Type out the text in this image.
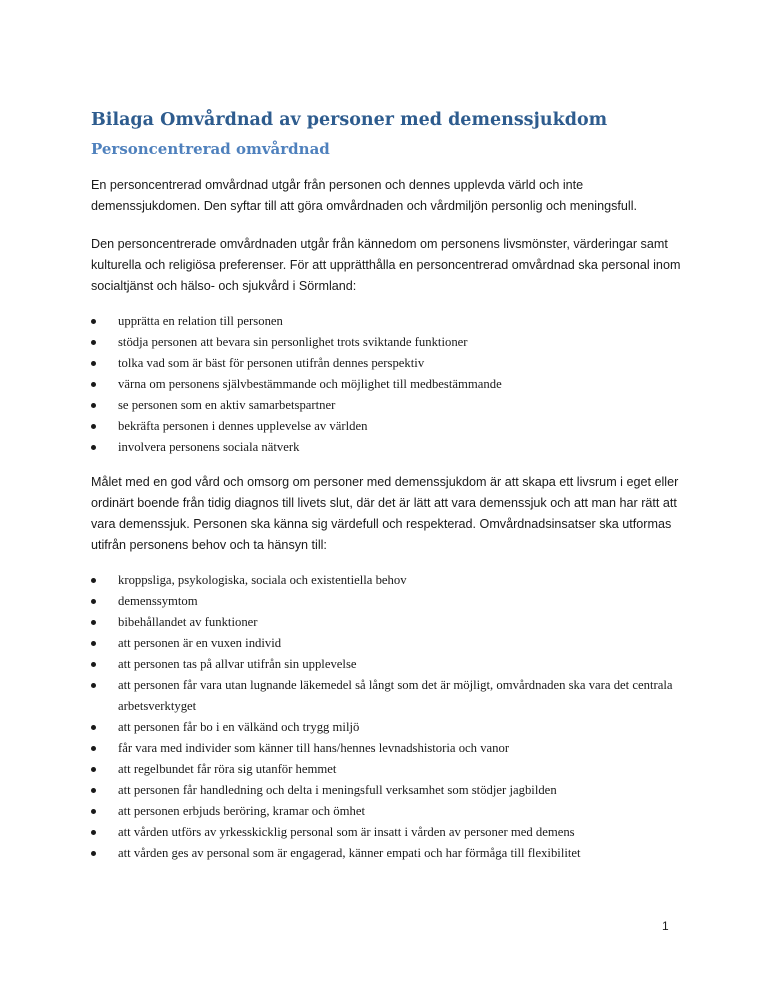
Bilaga Omvårdnad av personer med demenssjukdom
Personcentrerad omvårdnad

En personcentrerad omvårdnad utgår från personen och dennes upplevda värld och inte demenssjukdomen. Den syftar till att göra omvårdnaden och vårdmiljön personlig och meningsfull.

Den personcentrerade omvårdnaden utgår från kännedom om personens livsmönster, värderingar samt kulturella och religiösa preferenser. För att upprätthålla en personcentrerad omvårdnad ska personal inom socialtjänst och hälso- och sjukvård i Sörmland:

upprätta en relation till personen
stödja personen att bevara sin personlighet trots sviktande funktioner
tolka vad som är bäst för personen utifrån dennes perspektiv
värna om personens självbestämmande och möjlighet till medbestämmande
se personen som en aktiv samarbetspartner
bekräfta personen i dennes upplevelse av världen
involvera personens sociala nätverk

Målet med en god vård och omsorg om personer med demenssjukdom är att skapa ett livsrum i eget eller ordinärt boende från tidig diagnos till livets slut, där det är lätt att vara demenssjuk och att man har rätt att vara demenssjuk. Personen ska känna sig värdefull och respekterad. Omvårdnadsinsatser ska utformas utifrån personens behov och ta hänsyn till:

kroppsliga, psykologiska, sociala och existentiella behov
demenssymtom
bibehållandet av funktioner
att personen är en vuxen individ
att personen tas på allvar utifrån sin upplevelse
att personen får vara utan lugnande läkemedel så långt som det är möjligt, omvårdnaden ska vara det centrala arbetsverktyget
att personen får bo i en välkänd och trygg miljö
får vara med individer som känner till hans/hennes levnadshistoria och vanor
att regelbundet får röra sig utanför hemmet
att personen får handledning och delta i meningsfull verksamhet som stödjer jagbilden
att personen erbjuds beröring, kramar och ömhet
att vården utförs av yrkesskicklig personal som är insatt i vården av personer med demens
att vården ges av personal som är engagerad, känner empati och har förmåga till flexibilitet
1
